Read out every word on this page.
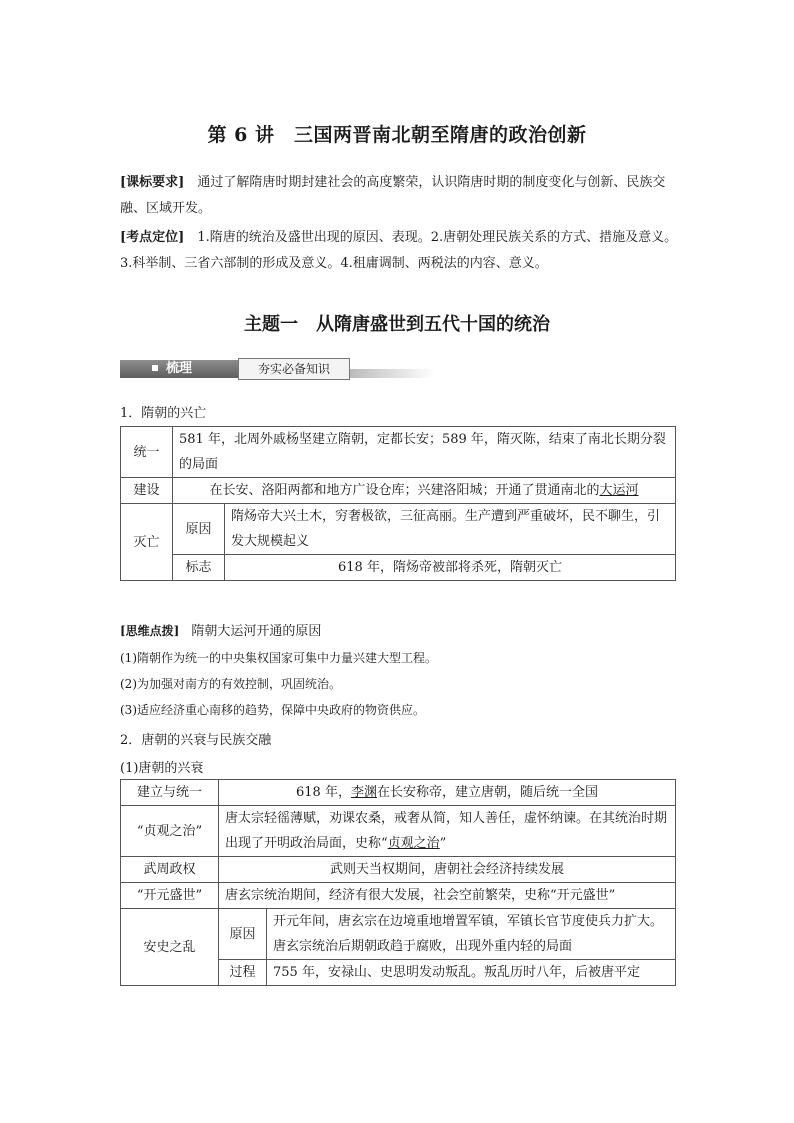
第 6 讲　三国两晋南北朝至隋唐的政治创新
[课标要求]　 通过了解隋唐时期封建社会的高度繁荣，认识隋唐时期的制度变化与创新、民族交融、区域开发。
[考点定位]　 1.隋唐的统治及盛世出现的原因、表现。2.唐朝处理民族关系的方式、措施及意义。3.科举制、三省六部制的形成及意义。4.租庸调制、两税法的内容、意义。
主题一　从隋唐盛世到五代十国的统治
梳理	夯实必备知识
1．隋朝的兴亡
统一	581 年，北周外戚杨坚建立隋朝，定都长安；589 年，隋灭陈，结束了南北长期分裂的局面	
建设	在长安、洛阳两都和地方广设仓库；兴建洛阳城；开通了贯通南北的大运河	
灭亡	原因	隋炀帝大兴土木，穷奢极欲，三征高丽。生产遭到严重破坏，民不聊生，引发大规模起义
	标志	618 年，隋炀帝被部将杀死，隋朝灭亡
[思维点拨]　 隋朝大运河开通的原因
(1)隋朝作为统一的中央集权国家可集中力量兴建大型工程。
(2)为加强对南方的有效控制，巩固统治。
(3)适应经济重心南移的趋势，保障中央政府的物资供应。
2．唐朝的兴衰与民族交融
(1)唐朝的兴衰
建立与统一	618 年，李渊在长安称帝，建立唐朝，随后统一全国	
“贞观之治”	唐太宗轻徭薄赋，劝课农桑，戒奢从简，知人善任，虚怀纳谏。在其统治时期出现了开明政治局面，史称“贞观之治”	
武周政权	武则天当权期间，唐朝社会经济持续发展	
“开元盛世”	唐玄宗统治期间，经济有很大发展，社会空前繁荣，史称“开元盛世”	
安史之乱	原因	开元年间，唐玄宗在边境重地增置军镇，军镇长官节度使兵力扩大。唐玄宗统治后期朝政趋于腐败，出现外重内轻的局面
	过程	755 年，安禄山、史思明发动叛乱。叛乱历时八年，后被唐平定
